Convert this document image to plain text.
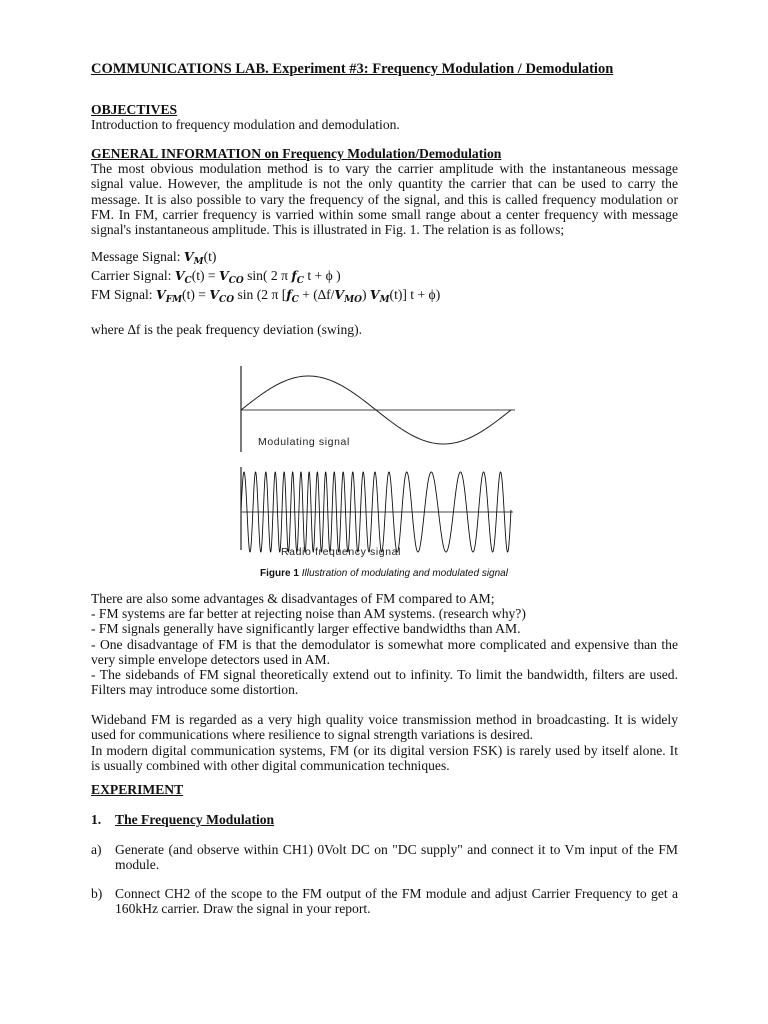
COMMUNICATIONS LAB. Experiment #3: Frequency Modulation / Demodulation
OBJECTIVES
Introduction to frequency modulation and demodulation.
GENERAL INFORMATION on Frequency Modulation/Demodulation
The most obvious modulation method is to vary the carrier amplitude with the instantaneous message signal value. However, the amplitude is not the only quantity the carrier that can be used to carry the message. It is also possible to vary the frequency of the signal, and this is called frequency modulation or FM. In FM, carrier frequency is varried within some small range about a center frequency with message signal's instantaneous amplitude. This is illustrated in Fig. 1. The relation is as follows;
Message Signal: $V_M(t)$
Carrier Signal: $V_C(t) = V_{CO}$ sin( 2 π $f_C$ t + ϕ )
FM Signal: $V_{FM}(t) = V_{CO}$ sin (2 π [$f_C + (\Delta f/V_{MO})$ $V_M(t)$] t + ϕ)
where ∆f is the peak frequency deviation (swing).
Modulating signal
Radio frequency signal
Figure 1 Illustration of modulating and modulated signal
There are also some advantages & disadvantages of FM compared to AM;
- FM systems are far better at rejecting noise than AM systems. (research why?)
- FM signals generally have significantly larger effective bandwidths than AM.
- One disadvantage of FM is that the demodulator is somewhat more complicated and expensive than the very simple envelope detectors used in AM.
- The sidebands of FM signal theoretically extend out to infinity. To limit the bandwidth, filters are used. Filters may introduce some distortion.
Wideband FM is regarded as a very high quality voice transmission method in broadcasting. It is widely used for communications where resilience to signal strength variations is desired.
In modern digital communication systems, FM (or its digital version FSK) is rarely used by itself alone. It is usually combined with other digital communication techniques.
EXPERIMENT
1. The Frequency Modulation
a) Generate (and observe within CH1) 0Volt DC on "DC supply" and connect it to Vm input of the FM module.
b) Connect CH2 of the scope to the FM output of the FM module and adjust Carrier Frequency to get a 160kHz carrier. Draw the signal in your report.
